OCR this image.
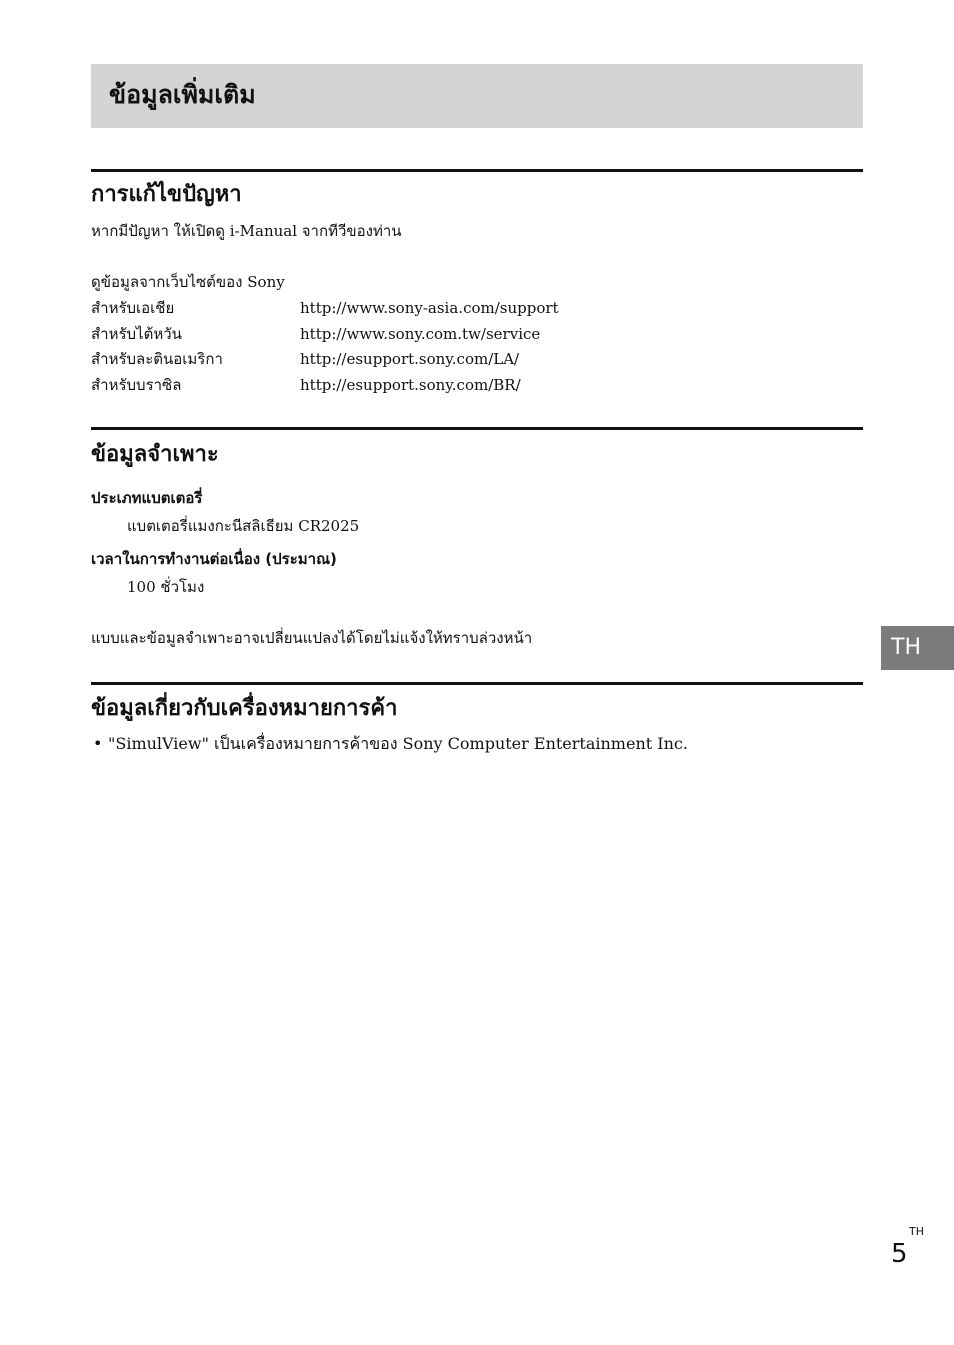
ข้อมูลเพิ่มเติม
การแก้ไขปัญหา
หากมีปัญหา ให้เปิดดู i-Manual จากทีวีของท่าน
ดูข้อมูลจากเว็บไซต์ของ Sony
สำหรับเอเชีย	http://www.sony-asia.com/support
สำหรับไต้หวัน	http://www.sony.com.tw/service
สำหรับละตินอเมริกา	http://esupport.sony.com/LA/
สำหรับบราซิล	http://esupport.sony.com/BR/
ข้อมูลจำเพาะ
ประเภทแบตเตอรี่
แบตเตอรี่แมงกะนีสลิเธียม CR2025
เวลาในการทำงานต่อเนื่อง (ประมาณ)
100 ชั่วโมง
แบบและข้อมูลจำเพาะอาจเปลี่ยนแปลงได้โดยไม่แจ้งให้ทราบล่วงหน้า
ข้อมูลเกี่ยวกับเครื่องหมายการค้า
• "SimulView" เป็นเครื่องหมายการค้าของ Sony Computer Entertainment Inc.
TH
5
TH
